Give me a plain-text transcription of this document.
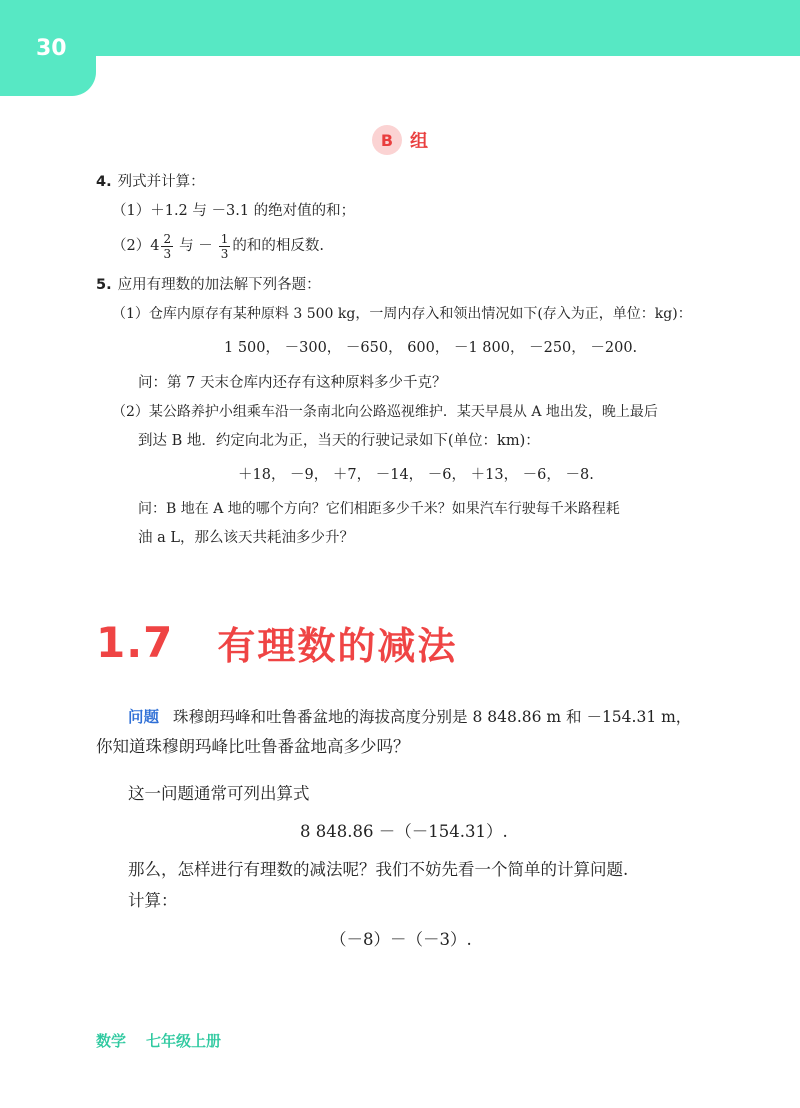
30
B 组
4. 列式并计算：
（1）＋1.2 与 －3.1 的绝对值的和；
$(2)4 \frac{2}{3}$ 与 － $\frac{1}{3}$ 的和的相反数.
5. 应用有理数的加法解下列各题：
（1）仓库内原存有某种原料 3 500 kg，一周内存入和领出情况如下(存入为正，单位：kg)：
1 500， －300， －650， 600， －1 800， －250， －200.
问：第 7 天末仓库内还存有这种原料多少千克？
（2）某公路养护小组乘车沿一条南北向公路巡视维护．某天早晨从 A 地出发，晚上最后
到达 B 地．约定向北为正，当天的行驶记录如下(单位：km)：
＋18， －9， ＋7， －14， －6， ＋13， －6， －8.
问：B 地在 A 地的哪个方向？它们相距多少千米？如果汽车行驶每千米路程耗
油 a L，那么该天共耗油多少升？
1.7 有理数的减法
问题 珠穆朗玛峰和吐鲁番盆地的海拔高度分别是 8 848.86 m 和 －154.31 m，
你知道珠穆朗玛峰比吐鲁番盆地高多少吗？
这一问题通常可列出算式
8 848.86 －（－154.31）.
那么，怎样进行有理数的减法呢？我们不妨先看一个简单的计算问题.
计算：
（－8）－（－3）.
数学 七年级上册
